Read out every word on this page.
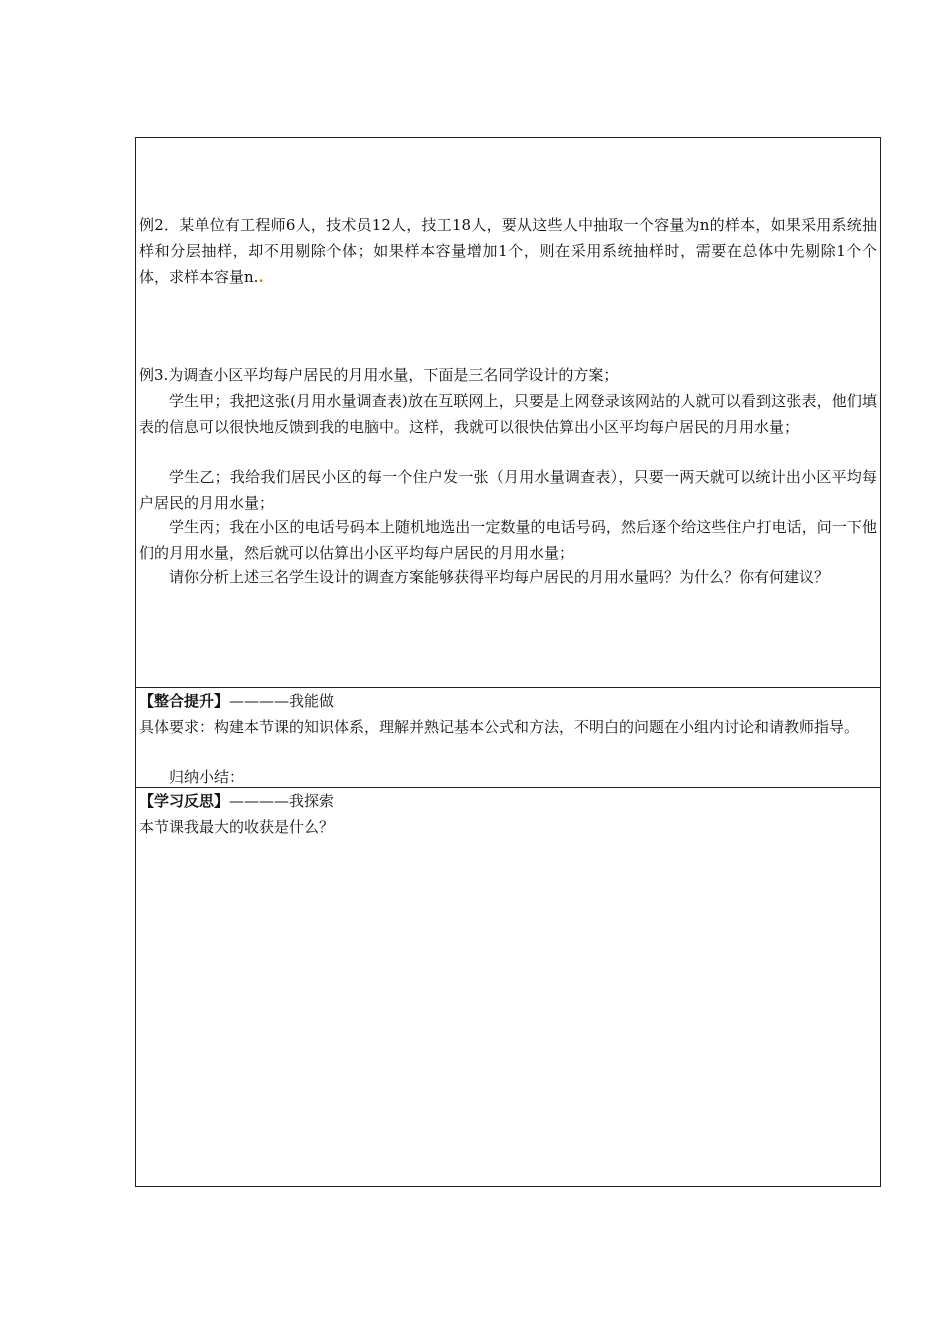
例2．某单位有工程师6人，技术员12人，技工18人，要从这些人中抽取一个容量为n的样本，如果采用系统抽样和分层抽样，却不用剔除个体；如果样本容量增加1个，则在采用系统抽样时，需要在总体中先剔除1个个体，求样本容量n..

例3.为调查小区平均每户居民的月用水量，下面是三名同学设计的方案；

学生甲；我把这张(月用水量调查表)放在互联网上，只要是上网登录该网站的人就可以看到这张表，他们填表的信息可以很快地反馈到我的电脑中。这样，我就可以很快估算出小区平均每户居民的月用水量；

学生乙；我给我们居民小区的每一个住户发一张（月用水量调查表），只要一两天就可以统计出小区平均每户居民的月用水量；

学生丙；我在小区的电话号码本上随机地选出一定数量的电话号码，然后逐个给这些住户打电话，问一下他们的月用水量，然后就可以估算出小区平均每户居民的月用水量；

请你分析上述三名学生设计的调查方案能够获得平均每户居民的月用水量吗？为什么？你有何建议？

【整合提升】————我能做

具体要求：构建本节课的知识体系，理解并熟记基本公式和方法，不明白的问题在小组内讨论和请教师指导。

归纳小结：

【学习反思】————我探索

本节课我最大的收获是什么？
